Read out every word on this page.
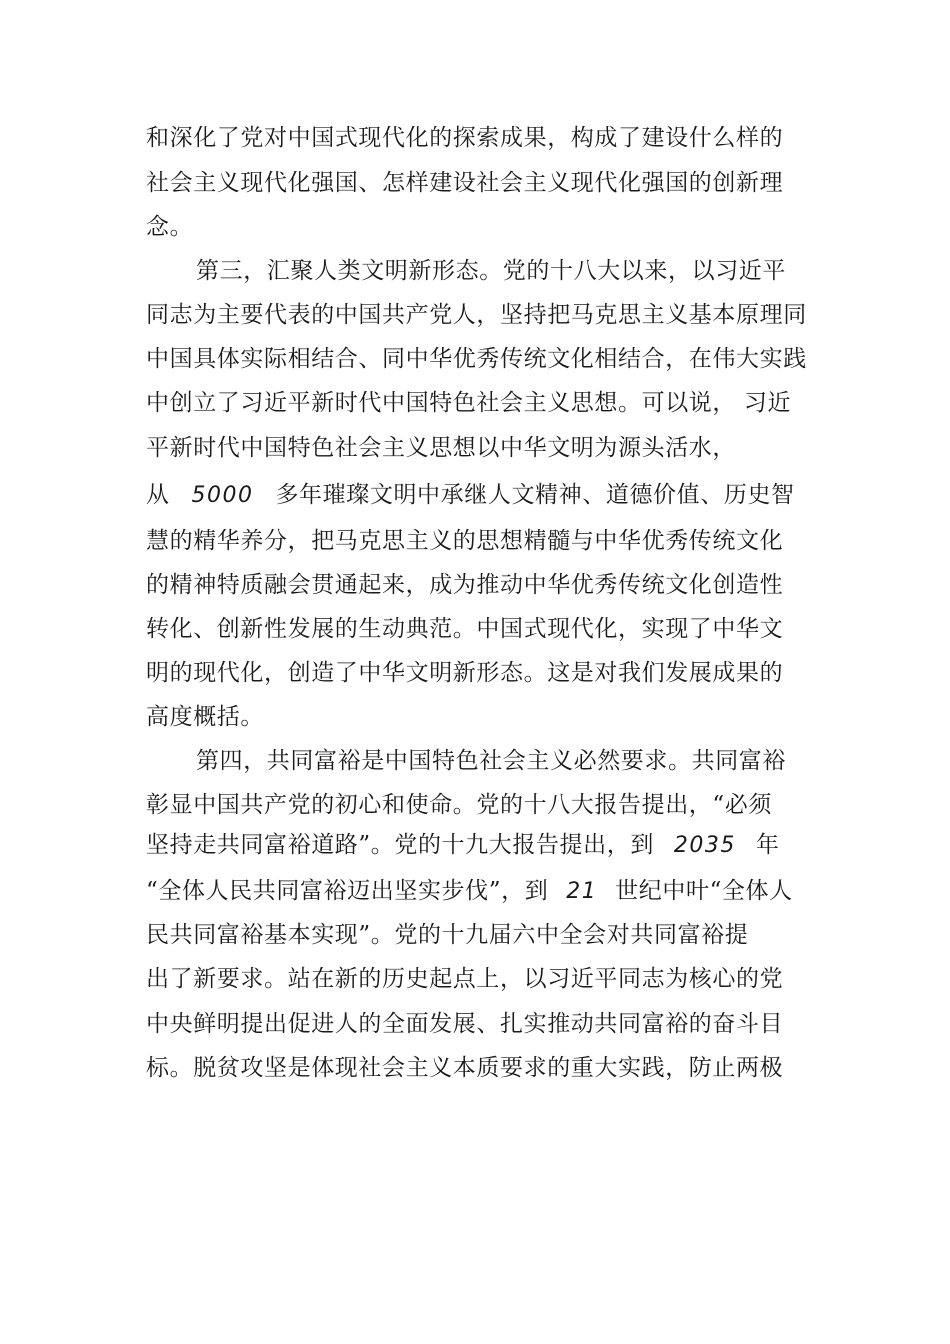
和深化了党对中国式现代化的探索成果，构成了建设什么样的
社会主义现代化强国、怎样建设社会主义现代化强国的创新理
念。
第三，汇聚人类文明新形态。党的十八大以来，以习近平
同志为主要代表的中国共产党人，坚持把马克思主义基本原理同
中国具体实际相结合、同中华优秀传统文化相结合，在伟大实践
中创立了习近平新时代中国特色社会主义思想。可以说， 习近
平新时代中国特色社会主义思想以中华文明为源头活水，
从 5000 多年璀璨文明中承继人文精神、道德价值、历史智
慧的精华养分，把马克思主义的思想精髓与中华优秀传统文化
的精神特质融会贯通起来，成为推动中华优秀传统文化创造性
转化、创新性发展的生动典范。中国式现代化，实现了中华文
明的现代化，创造了中华文明新形态。这是对我们发展成果的
高度概括。
第四，共同富裕是中国特色社会主义必然要求。共同富裕
彰显中国共产党的初心和使命。党的十八大报告提出，“必须
坚持走共同富裕道路”。党的十九大报告提出，到 2035 年
“全体人民共同富裕迈出坚实步伐”，到 21 世纪中叶“全体人
民共同富裕基本实现”。党的十九届六中全会对共同富裕提
出了新要求。站在新的历史起点上，以习近平同志为核心的党
中央鲜明提出促进人的全面发展、扎实推动共同富裕的奋斗目
标。脱贫攻坚是体现社会主义本质要求的重大实践，防止两极
